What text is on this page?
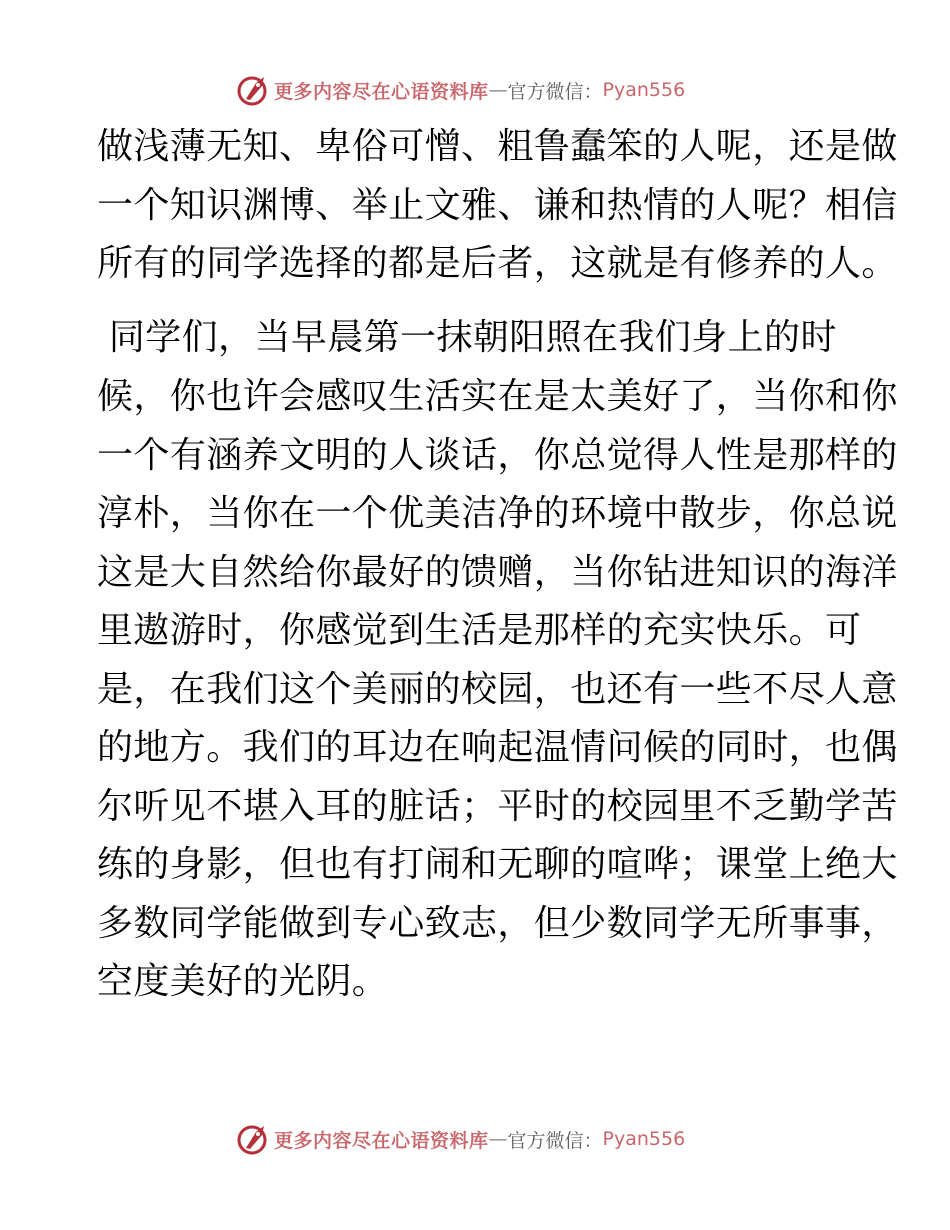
更多内容尽在心语资料库 — 官方微信： Pyan556
做浅薄无知、卑俗可憎、粗鲁蠢笨的人呢，还是做
一个知识渊博、举止文雅、谦和热情的人呢？相信
所有的同学选择的都是后者，这就是有修养的人。
同学们，当早晨第一抹朝阳照在我们身上的时
候，你也许会感叹生活实在是太美好了，当你和你
一个有涵养文明的人谈话，你总觉得人性是那样的
淳朴，当你在一个优美洁净的环境中散步，你总说
这是大自然给你最好的馈赠，当你钻进知识的海洋
里遨游时，你感觉到生活是那样的充实快乐。可
是，在我们这个美丽的校园，也还有一些不尽人意
的地方。我们的耳边在响起温情问候的同时，也偶
尔听见不堪入耳的脏话；平时的校园里不乏勤学苦
练的身影，但也有打闹和无聊的喧哗；课堂上绝大
多数同学能做到专心致志，但少数同学无所事事，
空度美好的光阴。
更多内容尽在心语资料库 — 官方微信： Pyan556
